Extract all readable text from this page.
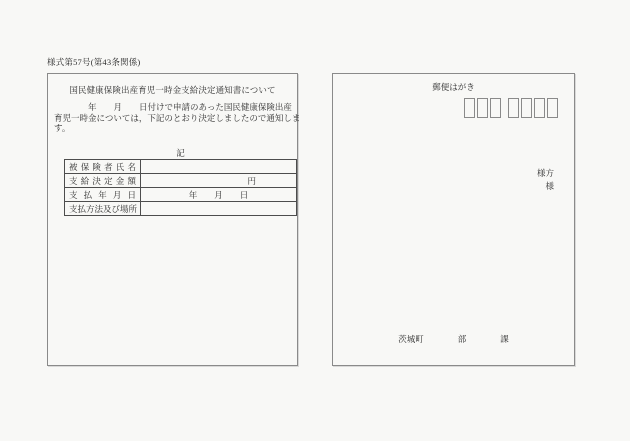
様式第57号(第43条関係)
国民健康保険出産育児一時金支給決定通知書について
　　　　年　　月　　日付けで申請のあった国民健康保険出産
育児一時金については，下記のとおり決定しましたので通知しま
す。
記
被保険者氏名	
支給決定金額	円
支払年月日	年　　月　　日
支払方法及び場所	
郵便はがき
様方
様
茨城町　　　　部　　　　課
